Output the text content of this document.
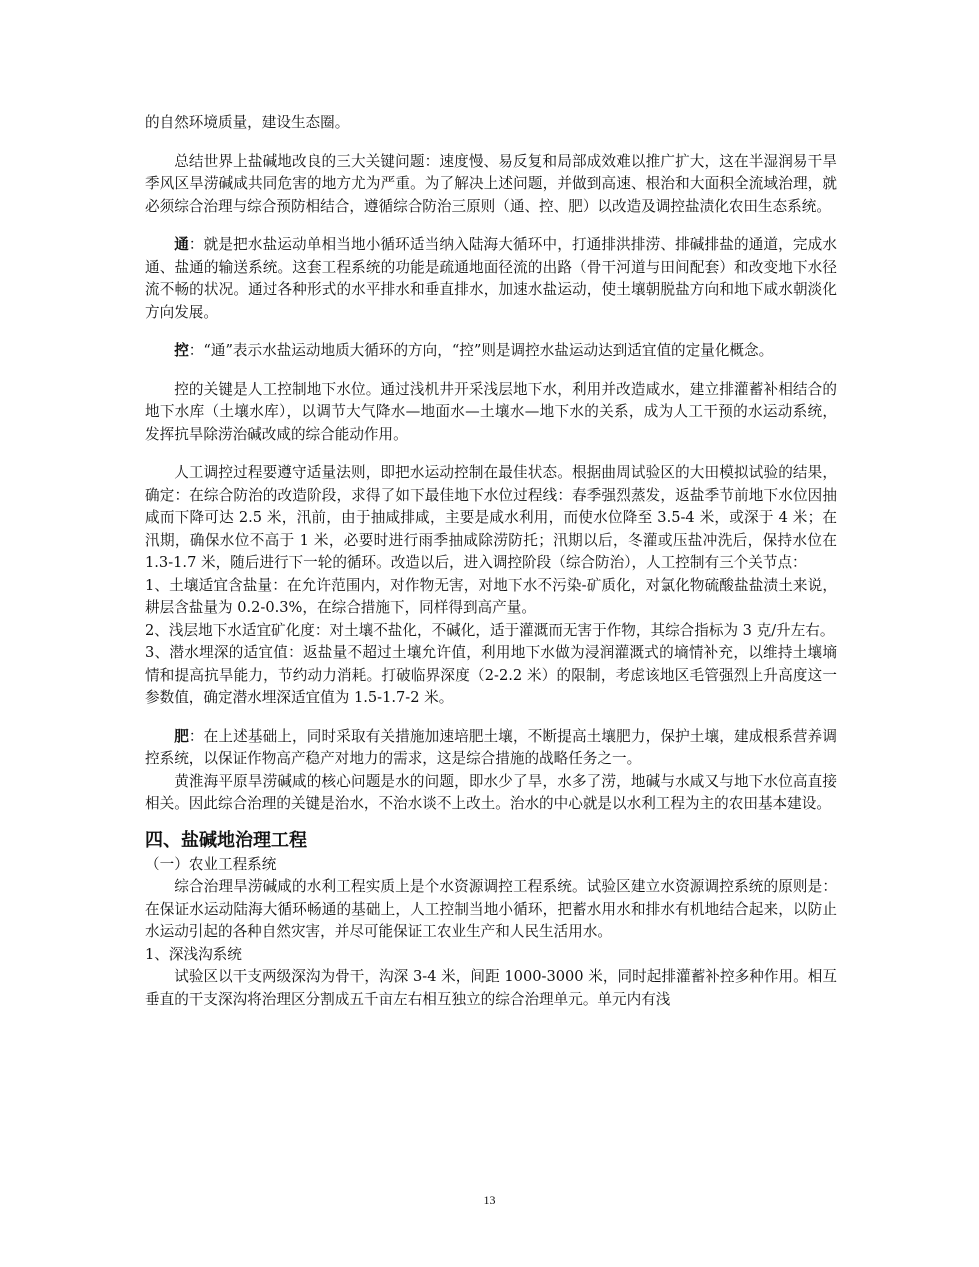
的自然环境质量，建设生态圈。

总结世界上盐碱地改良的三大关键问题：速度慢、易反复和局部成效难以推广扩大，这在半湿润易干旱季风区旱涝碱咸共同危害的地方尤为严重。为了解决上述问题，并做到高速、根治和大面积全流域治理，就必须综合治理与综合预防相结合，遵循综合防治三原则（通、控、肥）以改造及调控盐渍化农田生态系统。

通：就是把水盐运动单相当地小循环适当纳入陆海大循环中，打通排洪排涝、排碱排盐的通道，完成水通、盐通的输送系统。这套工程系统的功能是疏通地面径流的出路（骨干河道与田间配套）和改变地下水径流不畅的状况。通过各种形式的水平排水和垂直排水，加速水盐运动，使土壤朝脱盐方向和地下咸水朝淡化方向发展。

控：“通”表示水盐运动地质大循环的方向，“控”则是调控水盐运动达到适宜值的定量化概念。

控的关键是人工控制地下水位。通过浅机井开采浅层地下水，利用并改造咸水，建立排灌蓄补相结合的地下水库（土壤水库），以调节大气降水—地面水—土壤水—地下水的关系，成为人工干预的水运动系统，发挥抗旱除涝治碱改咸的综合能动作用。

人工调控过程要遵守适量法则，即把水运动控制在最佳状态。根据曲周试验区的大田模拟试验的结果，确定：在综合防治的改造阶段，求得了如下最佳地下水位过程线：春季强烈蒸发，返盐季节前地下水位因抽咸而下降可达 2.5 米，汛前，由于抽咸排咸，主要是咸水利用，而使水位降至 3.5-4 米，或深于 4 米；在汛期，确保水位不高于 1 米，必要时进行雨季抽咸除涝防托；汛期以后，冬灌或压盐冲洗后，保持水位在 1.3-1.7 米，随后进行下一轮的循环。改造以后，进入调控阶段（综合防治），人工控制有三个关节点：

1、土壤适宜含盐量：在允许范围内，对作物无害，对地下水不污染-矿质化，对氯化物硫酸盐盐渍土来说，耕层含盐量为 0.2-0.3%，在综合措施下，同样得到高产量。

2、浅层地下水适宜矿化度：对土壤不盐化，不碱化，适于灌溉而无害于作物，其综合指标为 3 克/升左右。

3、潜水埋深的适宜值：返盐量不超过土壤允许值，利用地下水做为浸润灌溉式的墒情补充，以维持土壤墒情和提高抗旱能力，节约动力消耗。打破临界深度（2-2.2 米）的限制，考虑该地区毛管强烈上升高度这一参数值，确定潜水埋深适宜值为 1.5-1.7-2 米。

肥：在上述基础上，同时采取有关措施加速培肥土壤，不断提高土壤肥力，保护土壤，建成根系营养调控系统，以保证作物高产稳产对地力的需求，这是综合措施的战略任务之一。

黄淮海平原旱涝碱咸的核心问题是水的问题，即水少了旱，水多了涝，地碱与水咸又与地下水位高直接相关。因此综合治理的关键是治水，不治水谈不上改土。治水的中心就是以水利工程为主的农田基本建设。

四、盐碱地治理工程

（一）农业工程系统

综合治理旱涝碱咸的水利工程实质上是个水资源调控工程系统。试验区建立水资源调控系统的原则是：在保证水运动陆海大循环畅通的基础上，人工控制当地小循环，把蓄水用水和排水有机地结合起来，以防止水运动引起的各种自然灾害，并尽可能保证工农业生产和人民生活用水。

1、深浅沟系统

试验区以干支两级深沟为骨干，沟深 3-4 米，间距 1000-3000 米，同时起排灌蓄补控多种作用。相互垂直的干支深沟将治理区分割成五千亩左右相互独立的综合治理单元。单元内有浅

13
